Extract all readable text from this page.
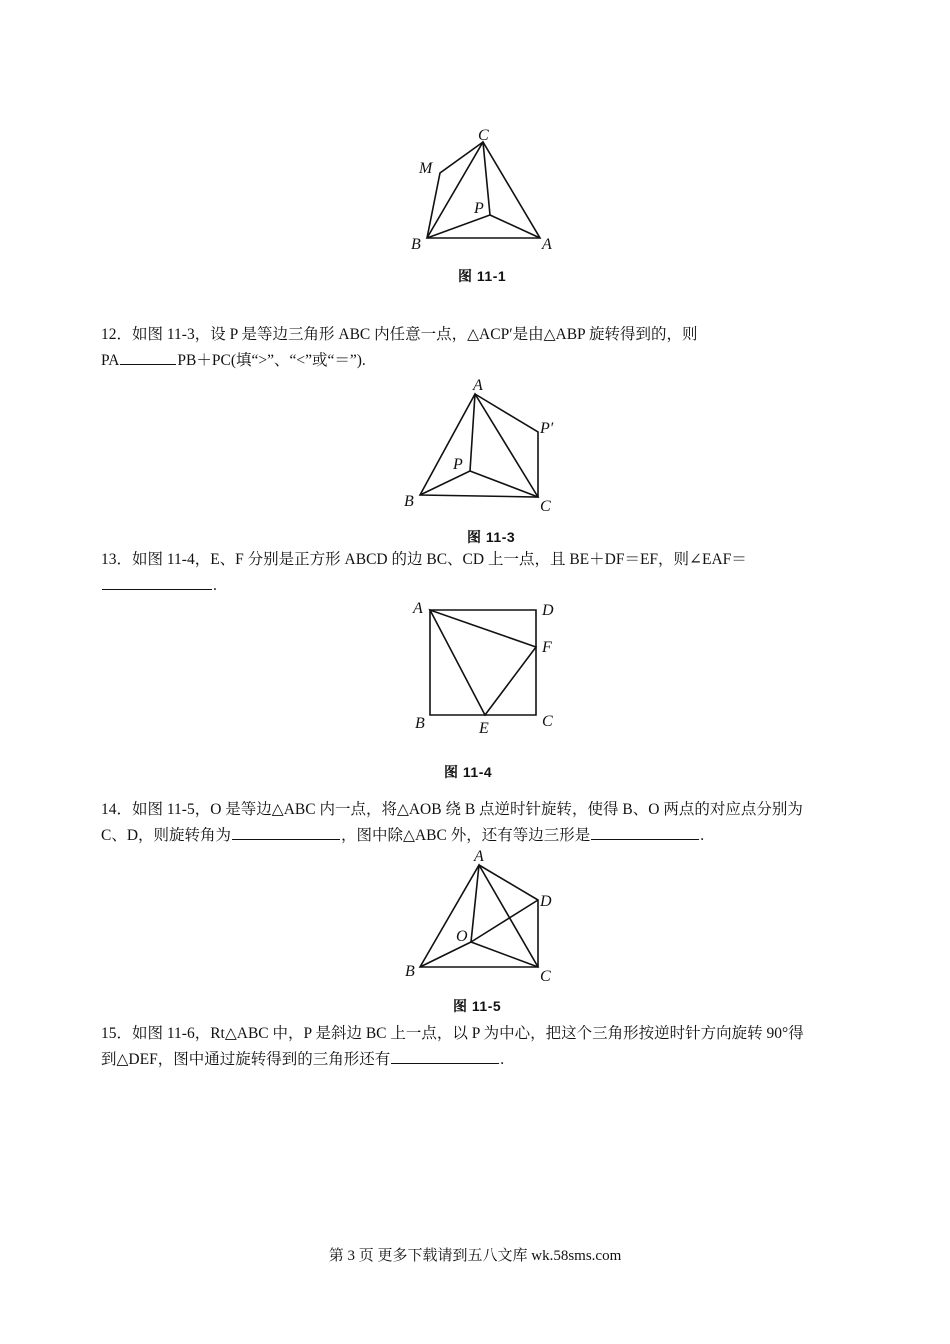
C
M
P
B	A
图 11-1
12．如图 11-3，设 P 是等边三角形 ABC 内任意一点，△ACP′是由△ABP 旋转得到的，则
PA	PB＋PC(填“>”、“<”或“＝”).
A
P′
P
B	C
图 11-3
13．如图 11-4，E、F 分别是正方形 ABCD 的边 BC、CD 上一点，且 BE＋DF＝EF，则∠EAF＝
.
A	D
F
B	E	C
图 11-4
14．如图 11-5，O 是等边△ABC 内一点，将△AOB 绕 B 点逆时针旋转，使得 B、O 两点的对应点分别为
C、D，则旋转角为	，图中除△ABC 外，还有等边三形是	.
A
D
O
B	C
图 11-5
15．如图 11-6，Rt△ABC 中，P 是斜边 BC 上一点，以 P 为中心，把这个三角形按逆时针方向旋转 90°得
到△DEF，图中通过旋转得到的三角形还有	.
第 3 页 更多下载请到五八文库 wk.58sms.com
